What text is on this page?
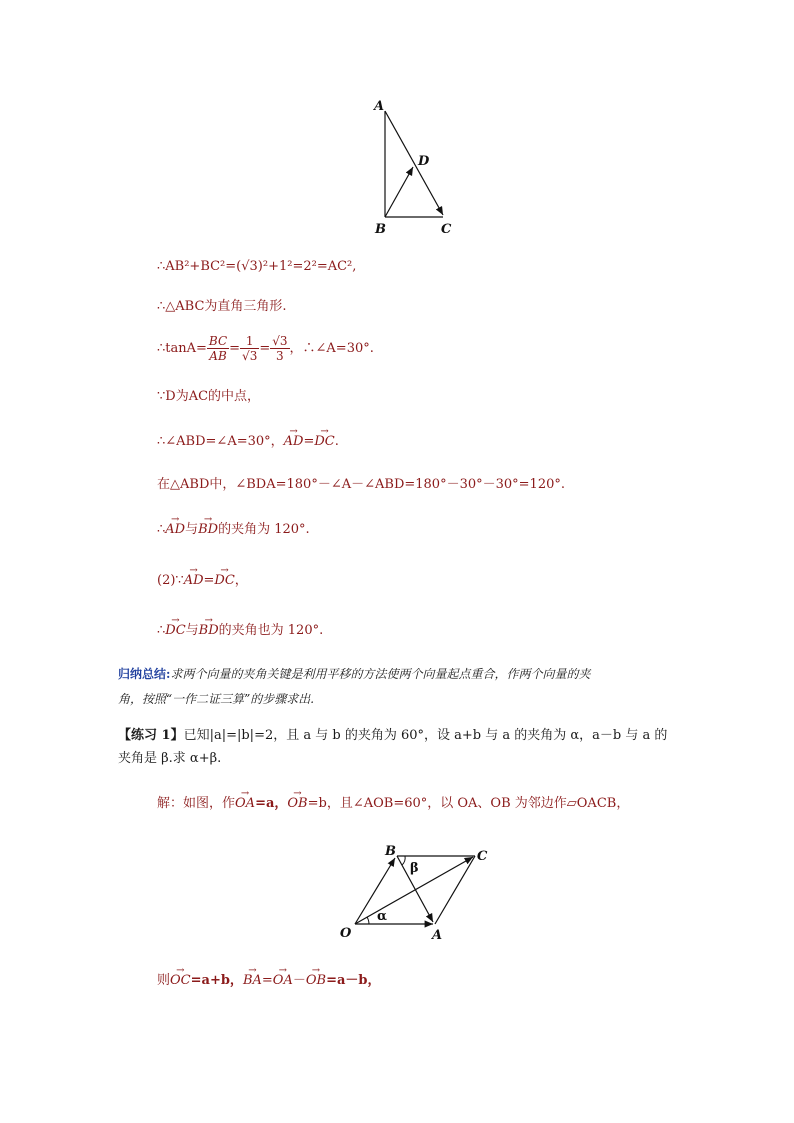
A
D
B	C
∴AB²+BC²=(√3)²+1²=2²=AC²,
∴△ABC为直角三角形.
∴tanA= $\frac{BC}{AB} = \frac{1}{√3} = \frac{√3}{3}$ ，∴∠A=30°.
∵D为AC的中点，
∴∠ABD=∠A=30°，→ AD=→ DC.
在△ABD中，∠BDA=180°－∠A－∠ABD=180°－30°－30°=120°.
∴→ AD与→ BD的夹角为 120°.
(2)∵→ AD=→ DC，
∴→ DC与→ BD的夹角也为 120°.
归纳总结:求两个向量的夹角关键是利用平移的方法使两个向量起点重合，作两个向量的夹
角，按照“一作二证三算”的步骤求出.
【练习 1】已知|a|=|b|=2，且 a 与 b 的夹角为 60°，设 a+b 与 a 的夹角为 α，a－b 与 a 的
夹角是 β.求 α+β.
解：如图，作→ OA=a，→ OB=b，且∠AOB=60°，以 OA、OB 为邻边作▱OACB，
O	A
B	C
α
β
则→ OC=a+b，→ BA=→ OA－→ OB=a－b，
